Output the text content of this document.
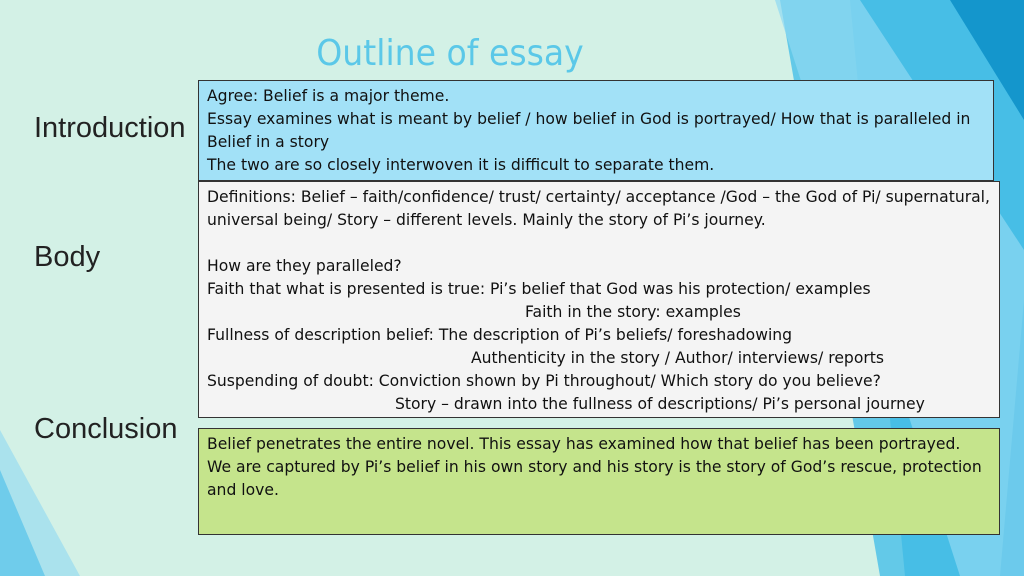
Outline of essay
Introduction
Body
Conclusion

Agree: Belief is a major theme.

Essay examines what is meant by belief / how belief in God is portrayed/ How that is paralleled in Belief in a story

The two are so closely interwoven it is difficult to separate them.

Definitions: Belief – faith/confidence/ trust/ certainty/ acceptance /God – the God of Pi/ supernatural, universal being/ Story – different levels. Mainly the story of Pi’s journey.

How are they paralleled?

Faith that what is presented is true: Pi’s belief that God was his protection/ examples

Faith in the story: examples

Fullness of description belief: The description of Pi’s beliefs/ foreshadowing

Authenticity in the story / Author/ interviews/ reports

Suspending of doubt: Conviction shown by Pi throughout/ Which story do you believe?

Story – drawn into the fullness of descriptions/ Pi’s personal journey

Belief penetrates the entire novel. This essay has examined how that belief has been portrayed.

We are captured by Pi’s belief in his own story and his story is the story of God’s rescue, protection and love.
